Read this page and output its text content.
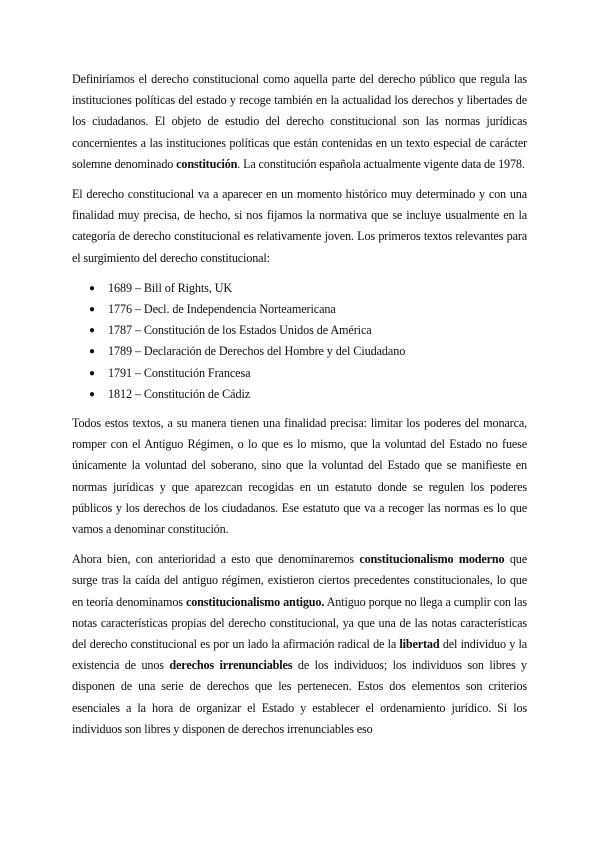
Definiríamos el derecho constitucional como aquella parte del derecho público que regula las instituciones políticas del estado y recoge también en la actualidad los derechos y libertades de los ciudadanos. El objeto de estudio del derecho constitucional son las normas jurídicas concernientes a las instituciones políticas que están contenidas en un texto especial de carácter solemne denominado constitución. La constitución española actualmente vigente data de 1978.

El derecho constitucional va a aparecer en un momento histórico muy determinado y con una finalidad muy precisa, de hecho, si nos fijamos la normativa que se incluye usualmente en la categoría de derecho constitucional es relativamente joven. Los primeros textos relevantes para el surgimiento del derecho constitucional:

● 1689 – Bill of Rights, UK
● 1776 – Decl. de Independencia Norteamericana
● 1787 – Constitución de los Estados Unidos de América
● 1789 – Declaración de Derechos del Hombre y del Ciudadano
● 1791 – Constitución Francesa
● 1812 – Constitución de Cádiz

Todos estos textos, a su manera tienen una finalidad precisa: limitar los poderes del monarca, romper con el Antiguo Régimen, o lo que es lo mismo, que la voluntad del Estado no fuese únicamente la voluntad del soberano, sino que la voluntad del Estado que se manifieste en normas jurídicas y que aparezcan recogidas en un estatuto donde se regulen los poderes públicos y los derechos de los ciudadanos. Ese estatuto que va a recoger las normas es lo que vamos a denominar constitución.

Ahora bien, con anterioridad a esto que denominaremos constitucionalismo moderno que surge tras la caída del antiguo régimen, existieron ciertos precedentes constitucionales, lo que en teoría denominamos constitucionalismo antiguo. Antiguo porque no llega a cumplir con las notas características propias del derecho constitucional, ya que una de las notas características del derecho constitucional es por un lado la afirmación radical de la libertad del individuo y la existencia de unos derechos irrenunciables de los individuos; los individuos son libres y disponen de una serie de derechos que les pertenecen. Estos dos elementos son criterios esenciales a la hora de organizar el Estado y establecer el ordenamiento jurídico. Si los individuos son libres y disponen de derechos irrenunciables eso
